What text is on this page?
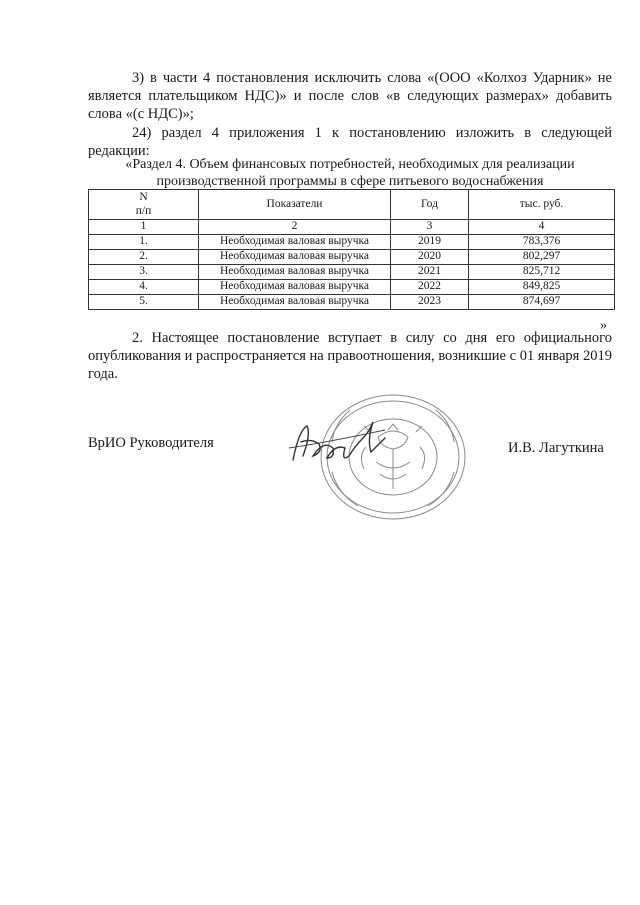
3) в части 4 постановления исключить слова «(ООО «Колхоз Ударник» не является плательщиком НДС)» и после слов «в следующих размерах» добавить слова «(с НДС)»;

24) раздел 4 приложения 1 к постановлению изложить в следующей редакции:

«Раздел 4. Объем финансовых потребностей, необходимых для реализации производственной программы в сфере питьевого водоснабжения

N
п/п	Показатели	Год	тыс. руб.
1	2	3	4
1.	Необходимая валовая выручка	2019	783,376
2.	Необходимая валовая выручка	2020	802,297
3.	Необходимая валовая выручка	2021	825,712
4.	Необходимая валовая выручка	2022	849,825
5.	Необходимая валовая выручка	2023	874,697

»

2. Настоящее постановление вступает в силу со дня его официального опубликования и распространяется на правоотношения, возникшие с 01 января 2019 года.

ВрИО Руководителя	И.В. Лагуткина
